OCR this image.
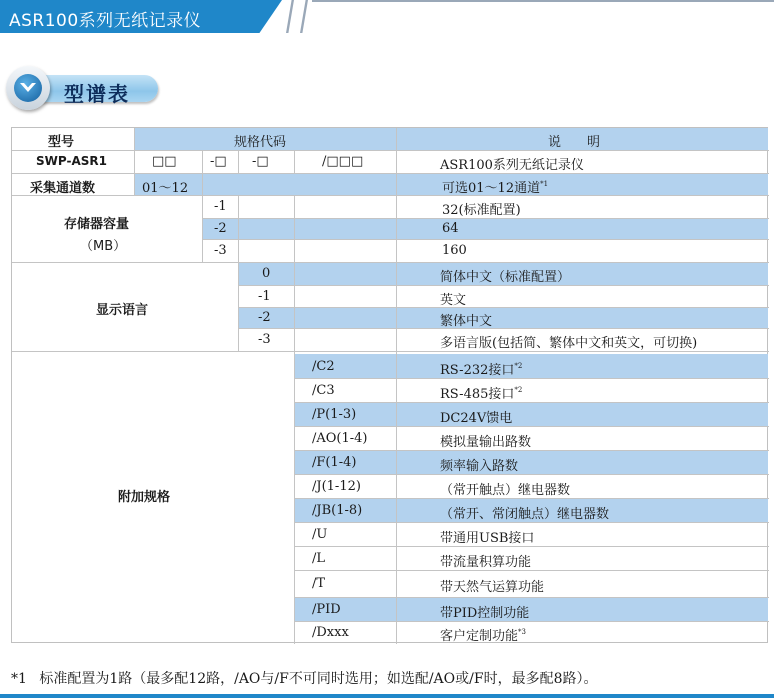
ASR100系列无纸记录仪
型谱表
型号	规格代码	说　　明
SWP-ASR1	□□	-□ -□	/□□□	ASR100系列无纸记录仪
采集通道数	01～12	可选01～12通道$^{*1}$
存储器容量
（MB）
-1	32(标准配置)
-2	64
-3	160
显示语言
0	简体中文（标准配置）
-1	英文
-2	繁体中文
-3	多语言版(包括简、繁体中文和英文，可切换)
附加规格
/C2	RS-232接口$^{*2}$
/C3	RS-485接口$^{*2}$
/P(1-3)	DC24V馈电
/AO(1-4)	模拟量输出路数
/F(1-4)	频率输入路数
/J(1-12)	（常开触点）继电器数
/JB(1-8)	（常开、常闭触点）继电器数
/U	带通用USB接口
/L	带流量积算功能
/T	带天然气运算功能
/PID	带PID控制功能
/Dxxx	客户定制功能$^{*3}$
*1 标准配置为1路（最多配12路，/AO与/F不可同时选用；如选配/AO或/F时，最多配8路）。
